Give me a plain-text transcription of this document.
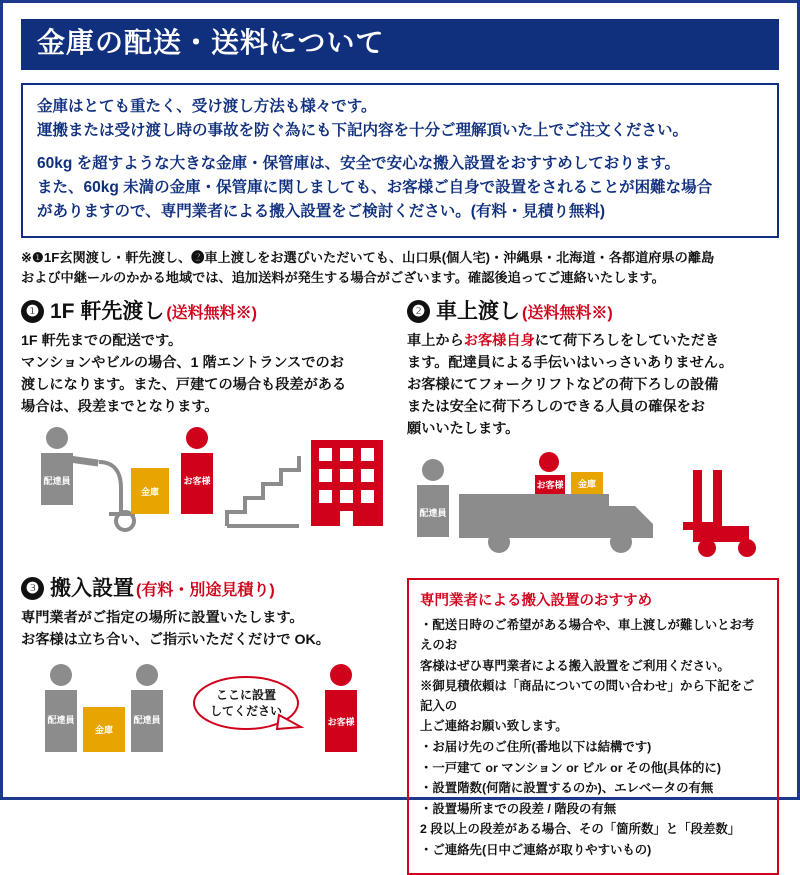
金庫の配送・送料について

金庫はとても重たく、受け渡し方法も様々です。

運搬または受け渡し時の事故を防ぐ為にも下記内容を十分ご理解頂いた上でご注文ください。

60kg を超すような大きな金庫・保管庫は、安全で安心な搬入設置をおすすめしております。

また、60kg 未満の金庫・保管庫に関しましても、お客様ご自身で設置をされることが困難な場合

がありますので、専門業者による搬入設置をご検討ください。(有料・見積り無料)

※❶1F玄関渡し・軒先渡し、❷車上渡しをお選びいただいても、山口県(個人宅)・沖縄県・北海道・各都道府県の離島
および中継ールのかかる地域では、追加送料が発生する場合がございます。確認後追ってご連絡いたします。
❶ 1F 軒先渡し (送料無料※)
1F 軒先までの配送です。
マンションやビルの場合、1 階エントランスでのお
渡しになります。また、戸建ての場合も段差がある
場合は、段差までとなります。
配達員
金庫
お客様
❷ 車上渡し (送料無料※)
車上からお客様自身にて荷下ろしをしていただき
ます。配達員による手伝いはいっさいありません。
お客様にてフォークリフトなどの荷下ろしの設備
または安全に荷下ろしのできる人員の確保をお
願いいたします。
配達員
お客様 金庫
❸ 搬入設置 (有料・別途見積り)
専門業者がご指定の場所に設置いたします。
お客様は立ち合い、ご指示いただくだけで OK。
配達員
金庫
配達員
ここに設置
してください
お客様
専門業者による搬入設置のおすすめ
・配送日時のご希望がある場合や、車上渡しが難しいとお考えのお
客様はぜひ専門業者による搬入設置をご利用ください。
※御見積依頼は「商品についての問い合わせ」から下記をご記入の
上ご連絡お願い致します。
・お届け先のご住所(番地以下は結構です)
・一戸建て or マンション or ビル or その他(具体的に)
・設置階数(何階に設置するのか)、エレベータの有無
・設置場所までの段差 / 階段の有無
2 段以上の段差がある場合、その「箇所数」と「段差数」
・ご連絡先(日中ご連絡が取りやすいもの)
